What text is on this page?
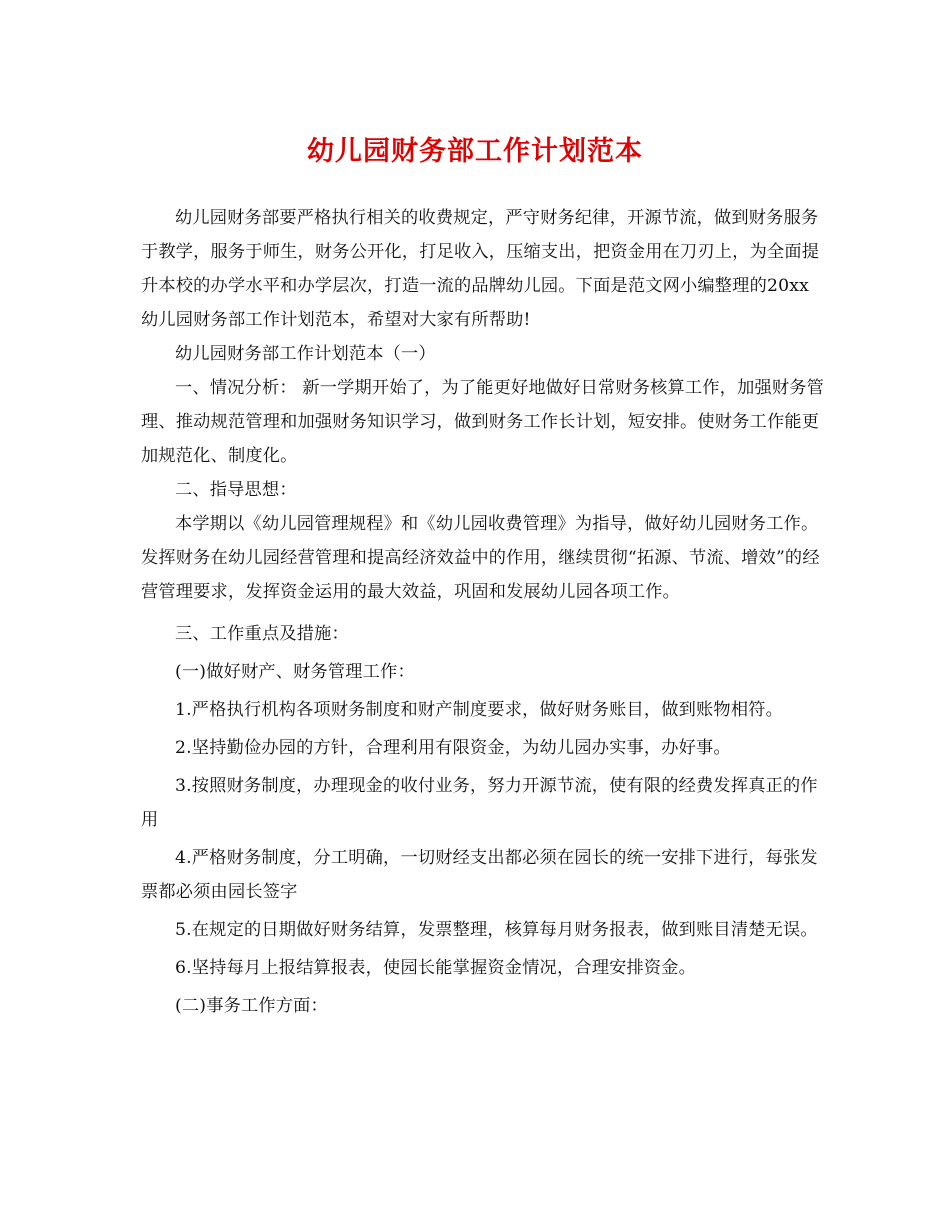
幼儿园财务部工作计划范本

幼儿园财务部要严格执行相关的收费规定，严守财务纪律，开源节流，做到财务服务于教学，服务于师生，财务公开化，打足收入，压缩支出，把资金用在刀刃上，为全面提升本校的办学水平和办学层次，打造一流的品牌幼儿园。下面是范文网小编整理的20xx幼儿园财务部工作计划范本，希望对大家有所帮助!

幼儿园财务部工作计划范本（一）

一、情况分析： 新一学期开始了，为了能更好地做好日常财务核算工作，加强财务管理、推动规范管理和加强财务知识学习，做到财务工作长计划，短安排。使财务工作能更加规范化、制度化。

二、指导思想：

本学期以《幼儿园管理规程》和《幼儿园收费管理》为指导，做好幼儿园财务工作。发挥财务在幼儿园经营管理和提高经济效益中的作用，继续贯彻“拓源、节流、增效”的经营管理要求，发挥资金运用的最大效益，巩固和发展幼儿园各项工作。

三、工作重点及措施：

(一)做好财产、财务管理工作：

1.严格执行机构各项财务制度和财产制度要求，做好财务账目，做到账物相符。

2.坚持勤俭办园的方针，合理利用有限资金，为幼儿园办实事，办好事。

3.按照财务制度，办理现金的收付业务，努力开源节流，使有限的经费发挥真正的作用

4.严格财务制度，分工明确，一切财经支出都必须在园长的统一安排下进行，每张发票都必须由园长签字

5.在规定的日期做好财务结算，发票整理，核算每月财务报表，做到账目清楚无误。

6.坚持每月上报结算报表，使园长能掌握资金情况，合理安排资金。

(二)事务工作方面：
